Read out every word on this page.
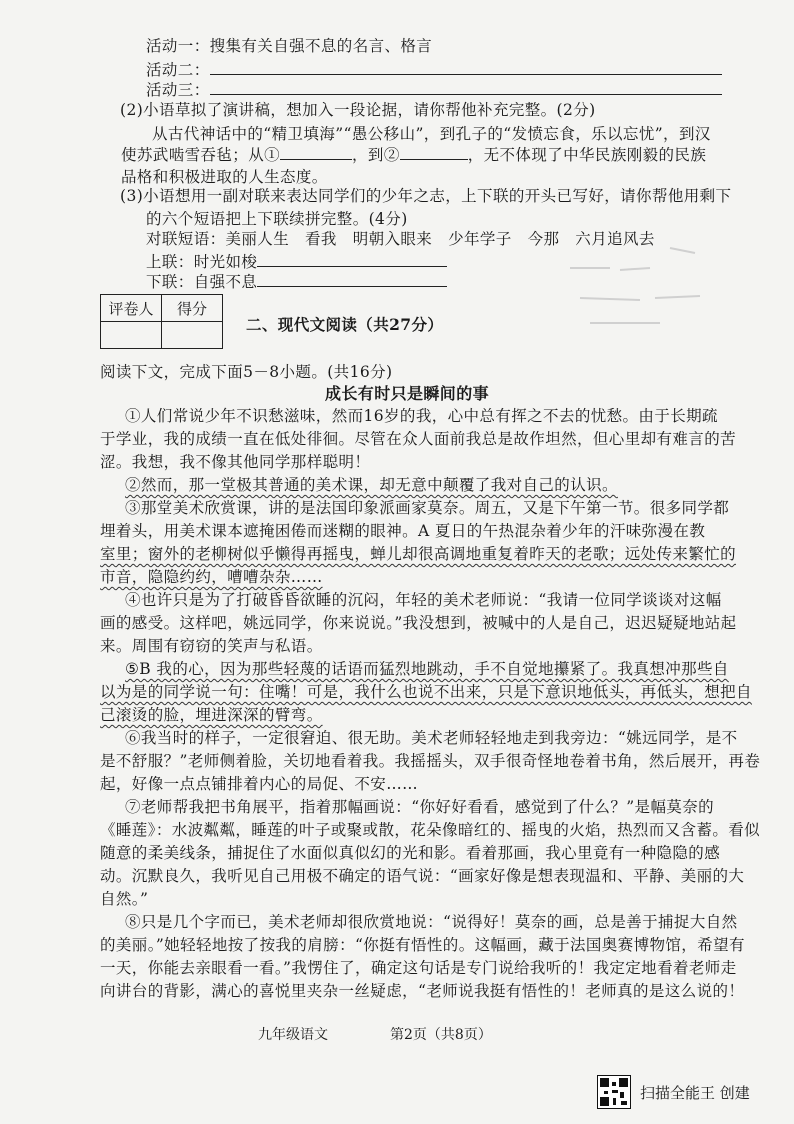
活动一：搜集有关自强不息的名言、格言
活动二：
活动三：
(2)小语草拟了演讲稿，想加入一段论据，请你帮他补充完整。(2分)
从古代神话中的“精卫填海”“愚公移山”，到孔子的“发愤忘食，乐以忘忧”，到汉
使苏武啮雪吞毡；从①	，到②	，无不体现了中华民族刚毅的民族
品格和积极进取的人生态度。
(3)小语想用一副对联来表达同学们的少年之志，上下联的开头已写好，请你帮他用剩下
的六个短语把上下联续拼完整。(4分)
对联短语：美丽人生　看我　明朝入眼来　少年学子　今那　六月追风去
上联：时光如梭
下联：自强不息
评卷人	得分

二、现代文阅读（共27分）
阅读下文，完成下面5－8小题。(共16分)
成长有时只是瞬间的事
①人们常说少年不识愁滋味，然而16岁的我，心中总有挥之不去的忧愁。由于长期疏
于学业，我的成绩一直在低处徘徊。尽管在众人面前我总是故作坦然，但心里却有难言的苦
涩。我想，我不像其他同学那样聪明！
②然而，那一堂极其普通的美术课，却无意中颠覆了我对自己的认识。
③那堂美术欣赏课，讲的是法国印象派画家莫奈。周五，又是下午第一节。很多同学都
埋着头，用美术课本遮掩困倦而迷糊的眼神。A 夏日的午热混杂着少年的汗味弥漫在教
室里；窗外的老柳树似乎懒得再摇曳，蝉儿却很高调地重复着昨天的老歌；远处传来繁忙的
市音，隐隐约约，嘈嘈杂杂……
④也许只是为了打破昏昏欲睡的沉闷，年轻的美术老师说：“我请一位同学谈谈对这幅
画的感受。这样吧，姚远同学，你来说说。”我没想到，被喊中的人是自己，迟迟疑疑地站起
来。周围有窃窃的笑声与私语。
⑤B 我的心，因为那些轻蔑的话语而猛烈地跳动，手不自觉地攥紧了。我真想冲那些自
以为是的同学说一句：住嘴！可是，我什么也说不出来，只是下意识地低头，再低头，想把自
己滚烫的脸，埋进深深的臂弯。
⑥我当时的样子，一定很窘迫、很无助。美术老师轻轻地走到我旁边：“姚远同学，是不
是不舒服？”老师侧着脸，关切地看着我。我摇摇头，双手很奇怪地卷着书角，然后展开，再卷
起，好像一点点铺排着内心的局促、不安……
⑦老师帮我把书角展平，指着那幅画说：“你好好看看，感觉到了什么？”是幅莫奈的
《睡莲》：水波粼粼，睡莲的叶子或聚或散，花朵像暗红的、摇曳的火焰，热烈而又含蓄。看似
随意的柔美线条，捕捉住了水面似真似幻的光和影。看着那画，我心里竟有一种隐隐的感
动。沉默良久，我听见自己用极不确定的语气说：“画家好像是想表现温和、平静、美丽的大
自然。”
⑧只是几个字而已，美术老师却很欣赏地说：“说得好！莫奈的画，总是善于捕捉大自然
的美丽。”她轻轻地按了按我的肩膀：“你挺有悟性的。这幅画，藏于法国奥赛博物馆，希望有
一天，你能去亲眼看一看。”我愣住了，确定这句话是专门说给我听的！我定定地看着老师走
向讲台的背影，满心的喜悦里夹杂一丝疑虑，“老师说我挺有悟性的！老师真的是这么说的！
九年级语文	第2页（共8页）
扫描全能王 创建
